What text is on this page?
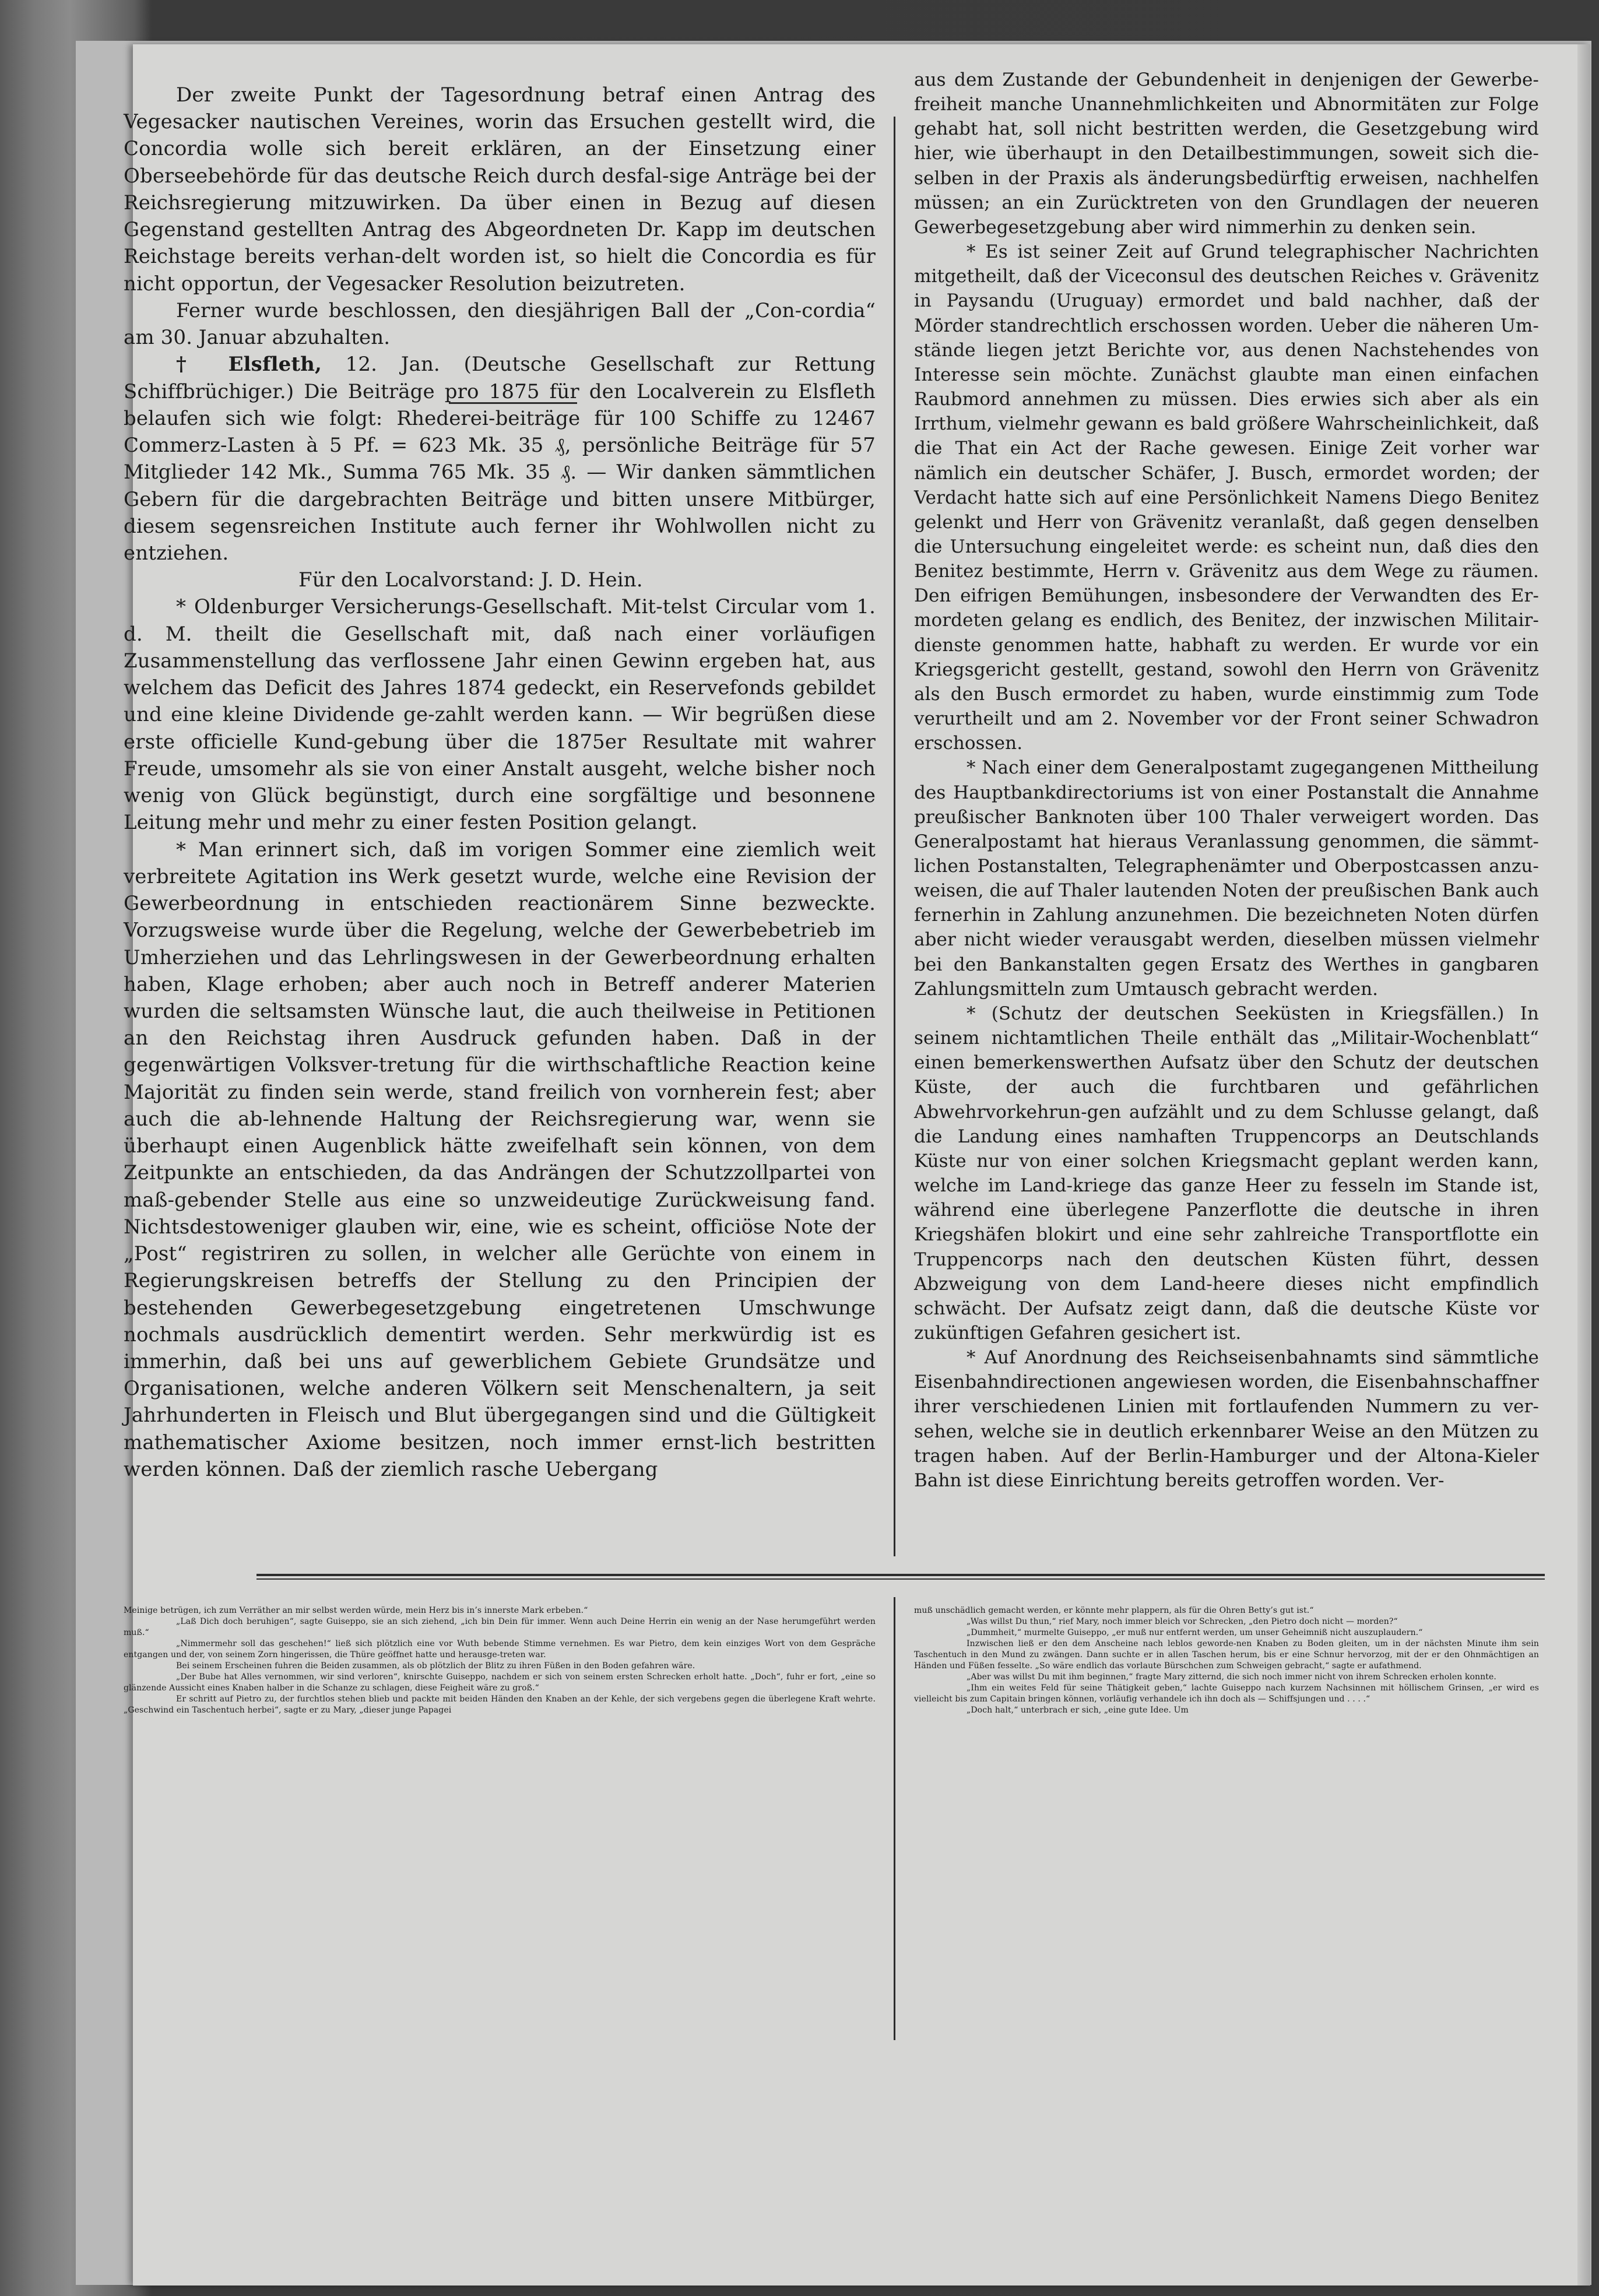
Der zweite Punkt der Tagesordnung betraf einen Antrag des Vegesacker nautischen Vereines, worin das Ersuchen gestellt wird, die Concordia wolle sich bereit erklären, an der Einsetzung einer Oberseebehörde für das deutsche Reich durch desfal-sige Anträge bei der Reichsregierung mitzuwirken. Da über einen in Bezug auf diesen Gegenstand gestellten Antrag des Abgeordneten Dr. Kapp im deutschen Reichstage bereits verhan-delt worden ist, so hielt die Concordia es für nicht opportun, der Vegesacker Resolution beizutreten.

Ferner wurde beschlossen, den diesjährigen Ball der „Con-cordia“ am 30. Januar abzuhalten.

† Elsfleth, 12. Jan. (Deutsche Gesellschaft zur Rettung Schiffbrüchiger.) Die Beiträge pro 1875 für den Localverein zu Elsfleth belaufen sich wie folgt: Rhederei-beiträge für 100 Schiffe zu 12467 Commerz-Lasten à 5 Pf. = 623 Mk. 35 ₰, persönliche Beiträge für 57 Mitglieder 142 Mk., Summa 765 Mk. 35 ₰. — Wir danken sämmtlichen Gebern für die dargebrachten Beiträge und bitten unsere Mitbürger, diesem segensreichen Institute auch ferner ihr Wohlwollen nicht zu entziehen.

Für den Localvorstand: J. D. Hein.

* Oldenburger Versicherungs-Gesellschaft. Mit-telst Circular vom 1. d. M. theilt die Gesellschaft mit, daß nach einer vorläufigen Zusammenstellung das verflossene Jahr einen Gewinn ergeben hat, aus welchem das Deficit des Jahres 1874 gedeckt, ein Reservefonds gebildet und eine kleine Dividende ge-zahlt werden kann. — Wir begrüßen diese erste officielle Kund-gebung über die 1875er Resultate mit wahrer Freude, umsomehr als sie von einer Anstalt ausgeht, welche bisher noch wenig von Glück begünstigt, durch eine sorgfältige und besonnene Leitung mehr und mehr zu einer festen Position gelangt.

* Man erinnert sich, daß im vorigen Sommer eine ziemlich weit verbreitete Agitation ins Werk gesetzt wurde, welche eine Revision der Gewerbeordnung in entschieden reactionärem Sinne bezweckte. Vorzugsweise wurde über die Regelung, welche der Gewerbebetrieb im Umherziehen und das Lehrlingswesen in der Gewerbeordnung erhalten haben, Klage erhoben; aber auch noch in Betreff anderer Materien wurden die seltsamsten Wünsche laut, die auch theilweise in Petitionen an den Reichstag ihren Ausdruck gefunden haben. Daß in der gegenwärtigen Volksver-tretung für die wirthschaftliche Reaction keine Majorität zu finden sein werde, stand freilich von vornherein fest; aber auch die ab-lehnende Haltung der Reichsregierung war, wenn sie überhaupt einen Augenblick hätte zweifelhaft sein können, von dem Zeitpunkte an entschieden, da das Andrängen der Schutzzollpartei von maß-gebender Stelle aus eine so unzweideutige Zurückweisung fand. Nichtsdestoweniger glauben wir, eine, wie es scheint, officiöse Note der „Post“ registriren zu sollen, in welcher alle Gerüchte von einem in Regierungskreisen betreffs der Stellung zu den Principien der bestehenden Gewerbegesetzgebung eingetretenen Umschwunge nochmals ausdrücklich dementirt werden. Sehr merkwürdig ist es immerhin, daß bei uns auf gewerblichem Gebiete Grundsätze und Organisationen, welche anderen Völkern seit Menschenaltern, ja seit Jahrhunderten in Fleisch und Blut übergegangen sind und die Gültigkeit mathematischer Axiome besitzen, noch immer ernst-lich bestritten werden können. Daß der ziemlich rasche Uebergang

aus dem Zustande der Gebundenheit in denjenigen der Gewerbe-freiheit manche Unannehmlichkeiten und Abnormitäten zur Folge gehabt hat, soll nicht bestritten werden, die Gesetzgebung wird hier, wie überhaupt in den Detailbestimmungen, soweit sich die-selben in der Praxis als änderungsbedürftig erweisen, nachhelfen müssen; an ein Zurücktreten von den Grundlagen der neueren Gewerbegesetzgebung aber wird nimmerhin zu denken sein.

* Es ist seiner Zeit auf Grund telegraphischer Nachrichten mitgetheilt, daß der Viceconsul des deutschen Reiches v. Grävenitz in Paysandu (Uruguay) ermordet und bald nachher, daß der Mörder standrechtlich erschossen worden. Ueber die näheren Um-stände liegen jetzt Berichte vor, aus denen Nachstehendes von Interesse sein möchte. Zunächst glaubte man einen einfachen Raubmord annehmen zu müssen. Dies erwies sich aber als ein Irrthum, vielmehr gewann es bald größere Wahrscheinlichkeit, daß die That ein Act der Rache gewesen. Einige Zeit vorher war nämlich ein deutscher Schäfer, J. Busch, ermordet worden; der Verdacht hatte sich auf eine Persönlichkeit Namens Diego Benitez gelenkt und Herr von Grävenitz veranlaßt, daß gegen denselben die Untersuchung eingeleitet werde: es scheint nun, daß dies den Benitez bestimmte, Herrn v. Grävenitz aus dem Wege zu räumen. Den eifrigen Bemühungen, insbesondere der Verwandten des Er-mordeten gelang es endlich, des Benitez, der inzwischen Militair-dienste genommen hatte, habhaft zu werden. Er wurde vor ein Kriegsgericht gestellt, gestand, sowohl den Herrn von Grävenitz als den Busch ermordet zu haben, wurde einstimmig zum Tode verurtheilt und am 2. November vor der Front seiner Schwadron erschossen.

* Nach einer dem Generalpostamt zugegangenen Mittheilung des Hauptbankdirectoriums ist von einer Postanstalt die Annahme preußischer Banknoten über 100 Thaler verweigert worden. Das Generalpostamt hat hieraus Veranlassung genommen, die sämmt-lichen Postanstalten, Telegraphenämter und Oberpostcassen anzu-weisen, die auf Thaler lautenden Noten der preußischen Bank auch fernerhin in Zahlung anzunehmen. Die bezeichneten Noten dürfen aber nicht wieder verausgabt werden, dieselben müssen vielmehr bei den Bankanstalten gegen Ersatz des Werthes in gangbaren Zahlungsmitteln zum Umtausch gebracht werden.

* (Schutz der deutschen Seeküsten in Kriegsfällen.) In seinem nichtamtlichen Theile enthält das „Militair-Wochenblatt“ einen bemerkenswerthen Aufsatz über den Schutz der deutschen Küste, der auch die furchtbaren und gefährlichen Abwehrvorkehrun-gen aufzählt und zu dem Schlusse gelangt, daß die Landung eines namhaften Truppencorps an Deutschlands Küste nur von einer solchen Kriegsmacht geplant werden kann, welche im Land-kriege das ganze Heer zu fesseln im Stande ist, während eine überlegene Panzerflotte die deutsche in ihren Kriegshäfen blokirt und eine sehr zahlreiche Transportflotte ein Truppencorps nach den deutschen Küsten führt, dessen Abzweigung von dem Land-heere dieses nicht empfindlich schwächt. Der Aufsatz zeigt dann, daß die deutsche Küste vor zukünftigen Gefahren gesichert ist.

* Auf Anordnung des Reichseisenbahnamts sind sämmtliche Eisenbahndirectionen angewiesen worden, die Eisenbahnschaffner ihrer verschiedenen Linien mit fortlaufenden Nummern zu ver-sehen, welche sie in deutlich erkennbarer Weise an den Mützen zu tragen haben. Auf der Berlin-Hamburger und der Altona-Kieler Bahn ist diese Einrichtung bereits getroffen worden. Ver-

Meinige betrügen, ich zum Verräther an mir selbst werden würde, mein Herz bis in’s innerste Mark erbeben.“

„Laß Dich doch beruhigen“, sagte Guiseppo, sie an sich ziehend, „ich bin Dein für immer. Wenn auch Deine Herrin ein wenig an der Nase herumgeführt werden muß.“

„Nimmermehr soll das geschehen!“ ließ sich plötzlich eine vor Wuth bebende Stimme vernehmen. Es war Pietro, dem kein einziges Wort von dem Gespräche entgangen und der, von seinem Zorn hingerissen, die Thüre geöffnet hatte und herausge-treten war.

Bei seinem Erscheinen fuhren die Beiden zusammen, als ob plötzlich der Blitz zu ihren Füßen in den Boden gefahren wäre.

„Der Bube hat Alles vernommen, wir sind verloren“, knirschte Guiseppo, nachdem er sich von seinem ersten Schrecken erholt hatte. „Doch“, fuhr er fort, „eine so glänzende Aussicht eines Knaben halber in die Schanze zu schlagen, diese Feigheit wäre zu groß.“

Er schritt auf Pietro zu, der furchtlos stehen blieb und packte mit beiden Händen den Knaben an der Kehle, der sich vergebens gegen die überlegene Kraft wehrte. „Geschwind ein Taschentuch herbei“, sagte er zu Mary, „dieser junge Papagei

muß unschädlich gemacht werden, er könnte mehr plappern, als für die Ohren Betty’s gut ist.“

„Was willst Du thun,“ rief Mary, noch immer bleich vor Schrecken, „den Pietro doch nicht — morden?“

„Dummheit,“ murmelte Guiseppo, „er muß nur entfernt werden, um unser Geheimniß nicht auszuplaudern.“

Inzwischen ließ er den dem Anscheine nach leblos geworde-nen Knaben zu Boden gleiten, um in der nächsten Minute ihm sein Taschentuch in den Mund zu zwängen. Dann suchte er in allen Taschen herum, bis er eine Schnur hervorzog, mit der er den Ohnmächtigen an Händen und Füßen fesselte. „So wäre endlich das vorlaute Bürschchen zum Schweigen gebracht,“ sagte er aufathmend.

„Aber was willst Du mit ihm beginnen,“ fragte Mary zitternd, die sich noch immer nicht von ihrem Schrecken erholen konnte.

„Ihm ein weites Feld für seine Thätigkeit geben,“ lachte Guiseppo nach kurzem Nachsinnen mit höllischem Grinsen, „er wird es vielleicht bis zum Capitain bringen können, vorläufig verhandele ich ihn doch als — Schiffsjungen und . . . .“

„Doch halt,“ unterbrach er sich, „eine gute Idee. Um
